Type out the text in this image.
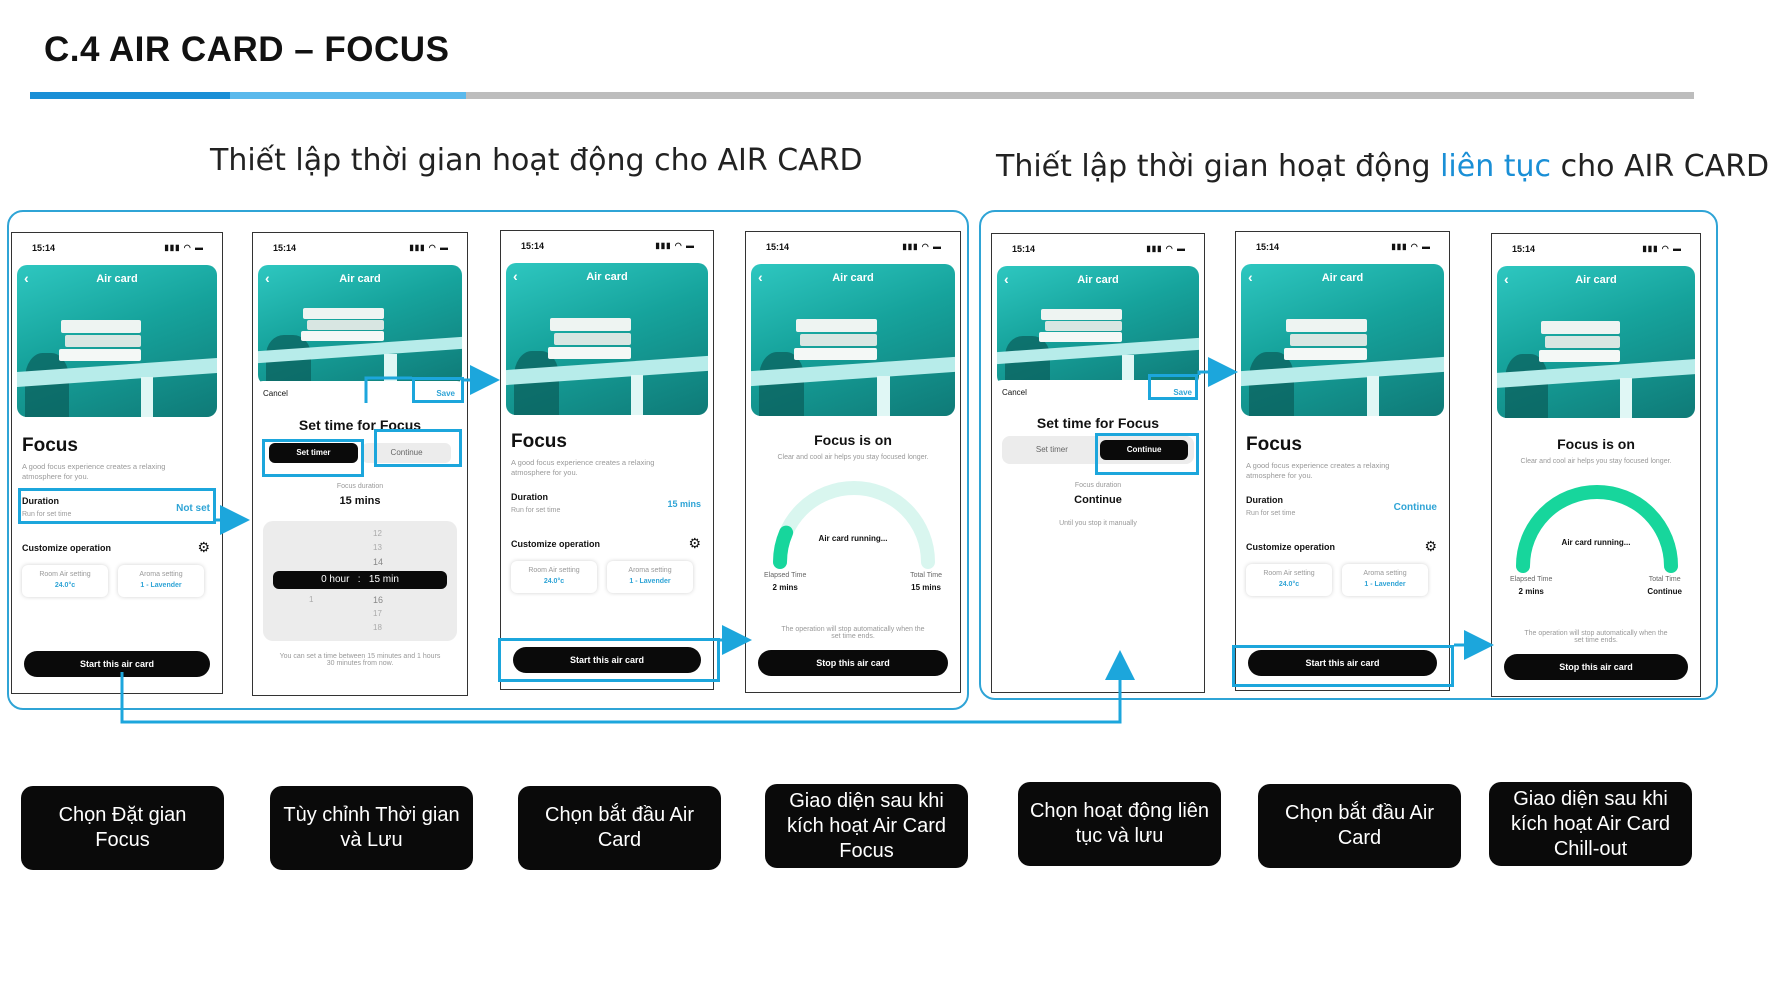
C.4 AIR CARD – FOCUS
Thiết lập thời gian hoạt động cho AIR CARD	Thiết lập thời gian hoạt động liên tục cho AIR CARD
15:14	▮▮▮ ◠ ▬
‹	Air card
Focus
A good focus experience creates a relaxing atmosphere for you.
Duration
Run for set time
Not set
Customize operation	⚙
Room Air setting
24.0°c
Aroma setting
1 - Lavender
Start this air card
15:14	▮▮▮ ◠ ▬
‹	Air card
Cancel	Save
Set time for Focus
Set timer	Continue
Focus duration
15 mins
12
13
14
0 hour : 15 min
1	16
17
18
You can set a time between 15 minutes and 1 hours 30 minutes from now.
15:14	▮▮▮ ◠ ▬
‹	Air card
Focus
A good focus experience creates a relaxing atmosphere for you.
Duration
Run for set time
15 mins
Customize operation	⚙
Room Air setting
24.0°c
Aroma setting
1 - Lavender
Start this air card
15:14	▮▮▮ ◠ ▬
‹	Air card
Focus is on
Clear and cool air helps you stay focused longer.
Air card running...
Elapsed Time
2 mins
Total Time
15 mins
The operation will stop automatically when the set time ends.
Stop this air card
15:14	▮▮▮ ◠ ▬
‹	Air card
Cancel	Save
Set time for Focus
Set timer	Continue
Focus duration
Continue
Until you stop it manually
15:14	▮▮▮ ◠ ▬
‹	Air card
Focus
A good focus experience creates a relaxing atmosphere for you.
Duration
Run for set time
Continue
Customize operation	⚙
Room Air setting
24.0°c
Aroma setting
1 - Lavender
Start this air card
15:14	▮▮▮ ◠ ▬
‹	Air card
Focus is on
Clear and cool air helps you stay focused longer.
Air card running...
Elapsed Time
2 mins
Total Time
Continue
The operation will stop automatically when the set time ends.
Stop this air card
Chọn Đặt gian Focus
Tùy chỉnh Thời gian và Lưu
Chọn bắt đầu Air Card
Giao diện sau khi kích hoạt Air Card Focus
Chọn hoạt động liên tục và lưu
Chọn bắt đầu Air Card
Giao diện sau khi kích hoạt Air Card Chill-out
